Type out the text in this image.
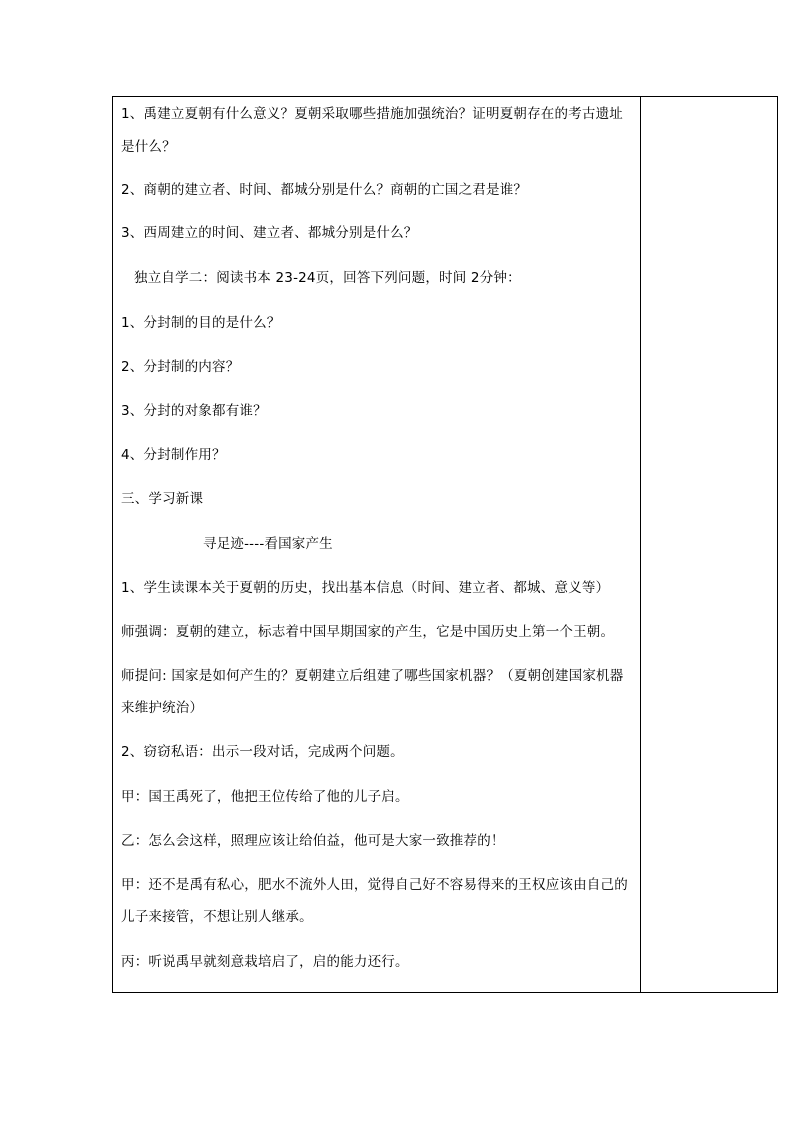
1、禹建立夏朝有什么意义？夏朝采取哪些措施加强统治？证明夏朝存在的考古遗址
是什么？
2、商朝的建立者、时间、都城分别是什么？商朝的亡国之君是谁？
3、西周建立的时间、建立者、都城分别是什么？
独立自学二：阅读书本 23-24页，回答下列问题，时间 2分钟：
1、分封制的目的是什么？
2、分封制的内容？
3、分封的对象都有谁？
4、分封制作用？
三、学习新课
寻足迹----看国家产生
1、学生读课本关于夏朝的历史，找出基本信息（时间、建立者、都城、意义等）
师强调：夏朝的建立，标志着中国早期国家的产生，它是中国历史上第一个王朝。
师提问: 国家是如何产生的？夏朝建立后组建了哪些国家机器？（夏朝创建国家机器
来维护统治）
2、窃窃私语：出示一段对话，完成两个问题。
甲：国王禹死了，他把王位传给了他的儿子启。
乙：怎么会这样，照理应该让给伯益，他可是大家一致推荐的！
甲：还不是禹有私心，肥水不流外人田，觉得自己好不容易得来的王权应该由自己的
儿子来接管，不想让别人继承。
丙：听说禹早就刻意栽培启了，启的能力还行。
